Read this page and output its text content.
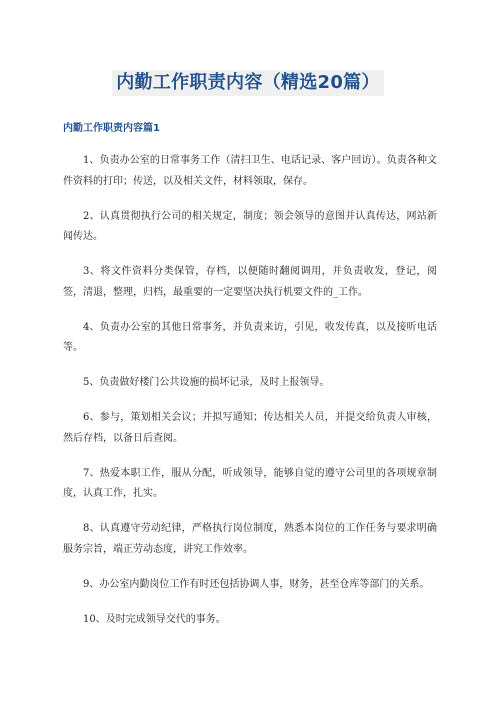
内勤工作职责内容（精选20篇）
内勤工作职责内容篇1

1、负责办公室的日常事务工作（清扫卫生、电话记录、客户回访）。负责各种文件资料的打印；传送，以及相关文件，材料领取，保存。

2、认真贯彻执行公司的相关规定，制度；领会领导的意图并认真传达，网站新闻传达。

3、将文件资料分类保管，存档，以便随时翻阅调用，并负责收发，登记，阅签，清退，整理，归档，最重要的一定要坚决执行机要文件的_工作。

4、负责办公室的其他日常事务，并负责来访，引见，收发传真，以及接听电话等。

5、负责做好楼门公共设施的损坏记录，及时上报领导。

6、参与，策划相关会议；并拟写通知；传达相关人员，并提交给负责人审核，然后存档，以备日后查阅。

7、热爱本职工作，服从分配，听成领导，能够自觉的遵守公司里的各项规章制度，认真工作，扎实。

8、认真遵守劳动纪律，严格执行岗位制度，熟悉本岗位的工作任务与要求明确服务宗旨，端正劳动态度，讲究工作效率。

9、办公室内勤岗位工作有时还包括协调人事，财务，甚至仓库等部门的关系。

10、及时完成领导交代的事务。
